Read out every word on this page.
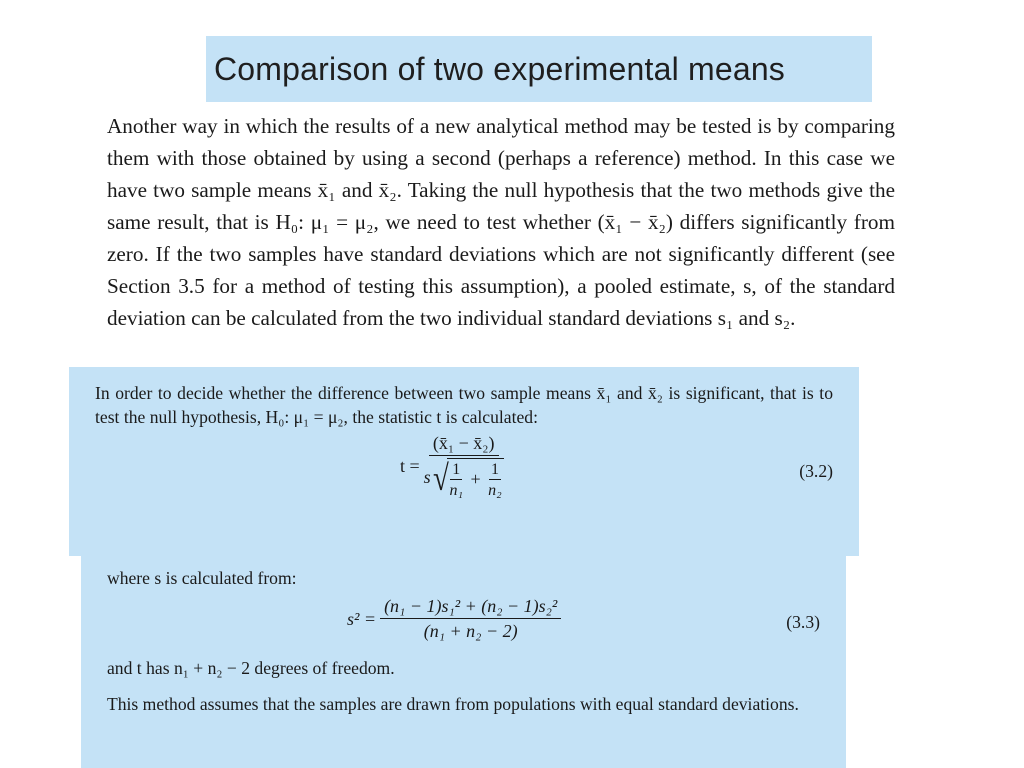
Comparison of two experimental means

Another way in which the results of a new analytical method may be tested is by comparing them with those obtained by using a second (perhaps a reference) method. In this case we have two sample means x̄₁ and x̄₂. Taking the null hypothesis that the two methods give the same result, that is H₀: μ₁ = μ₂, we need to test whether (x̄₁ − x̄₂) differs significantly from zero. If the two samples have standard deviations which are not significantly different (see Section 3.5 for a method of testing this assumption), a pooled estimate, s, of the standard deviation can be calculated from the two individual standard deviations s₁ and s₂.

In order to decide whether the difference between two sample means x̄₁ and x̄₂ is significant, that is to test the null hypothesis, H₀: μ₁ = μ₂, the statistic t is calculated:

t =
(x̄₁ − x̄₂)
s √ $\frac{1}{\text{n₁}} + \frac{1}{\text{n₂}}$	(3.2)

where s is calculated from:

$s^2 = \frac{\text{(n₁ − 1)s₁² + (n₂ − 1)s₂²}}{\text{(n₁ + n₂ − 2)}}$	(3.3)

and t has n₁ + n₂ − 2 degrees of freedom.

This method assumes that the samples are drawn from populations with equal standard deviations.
